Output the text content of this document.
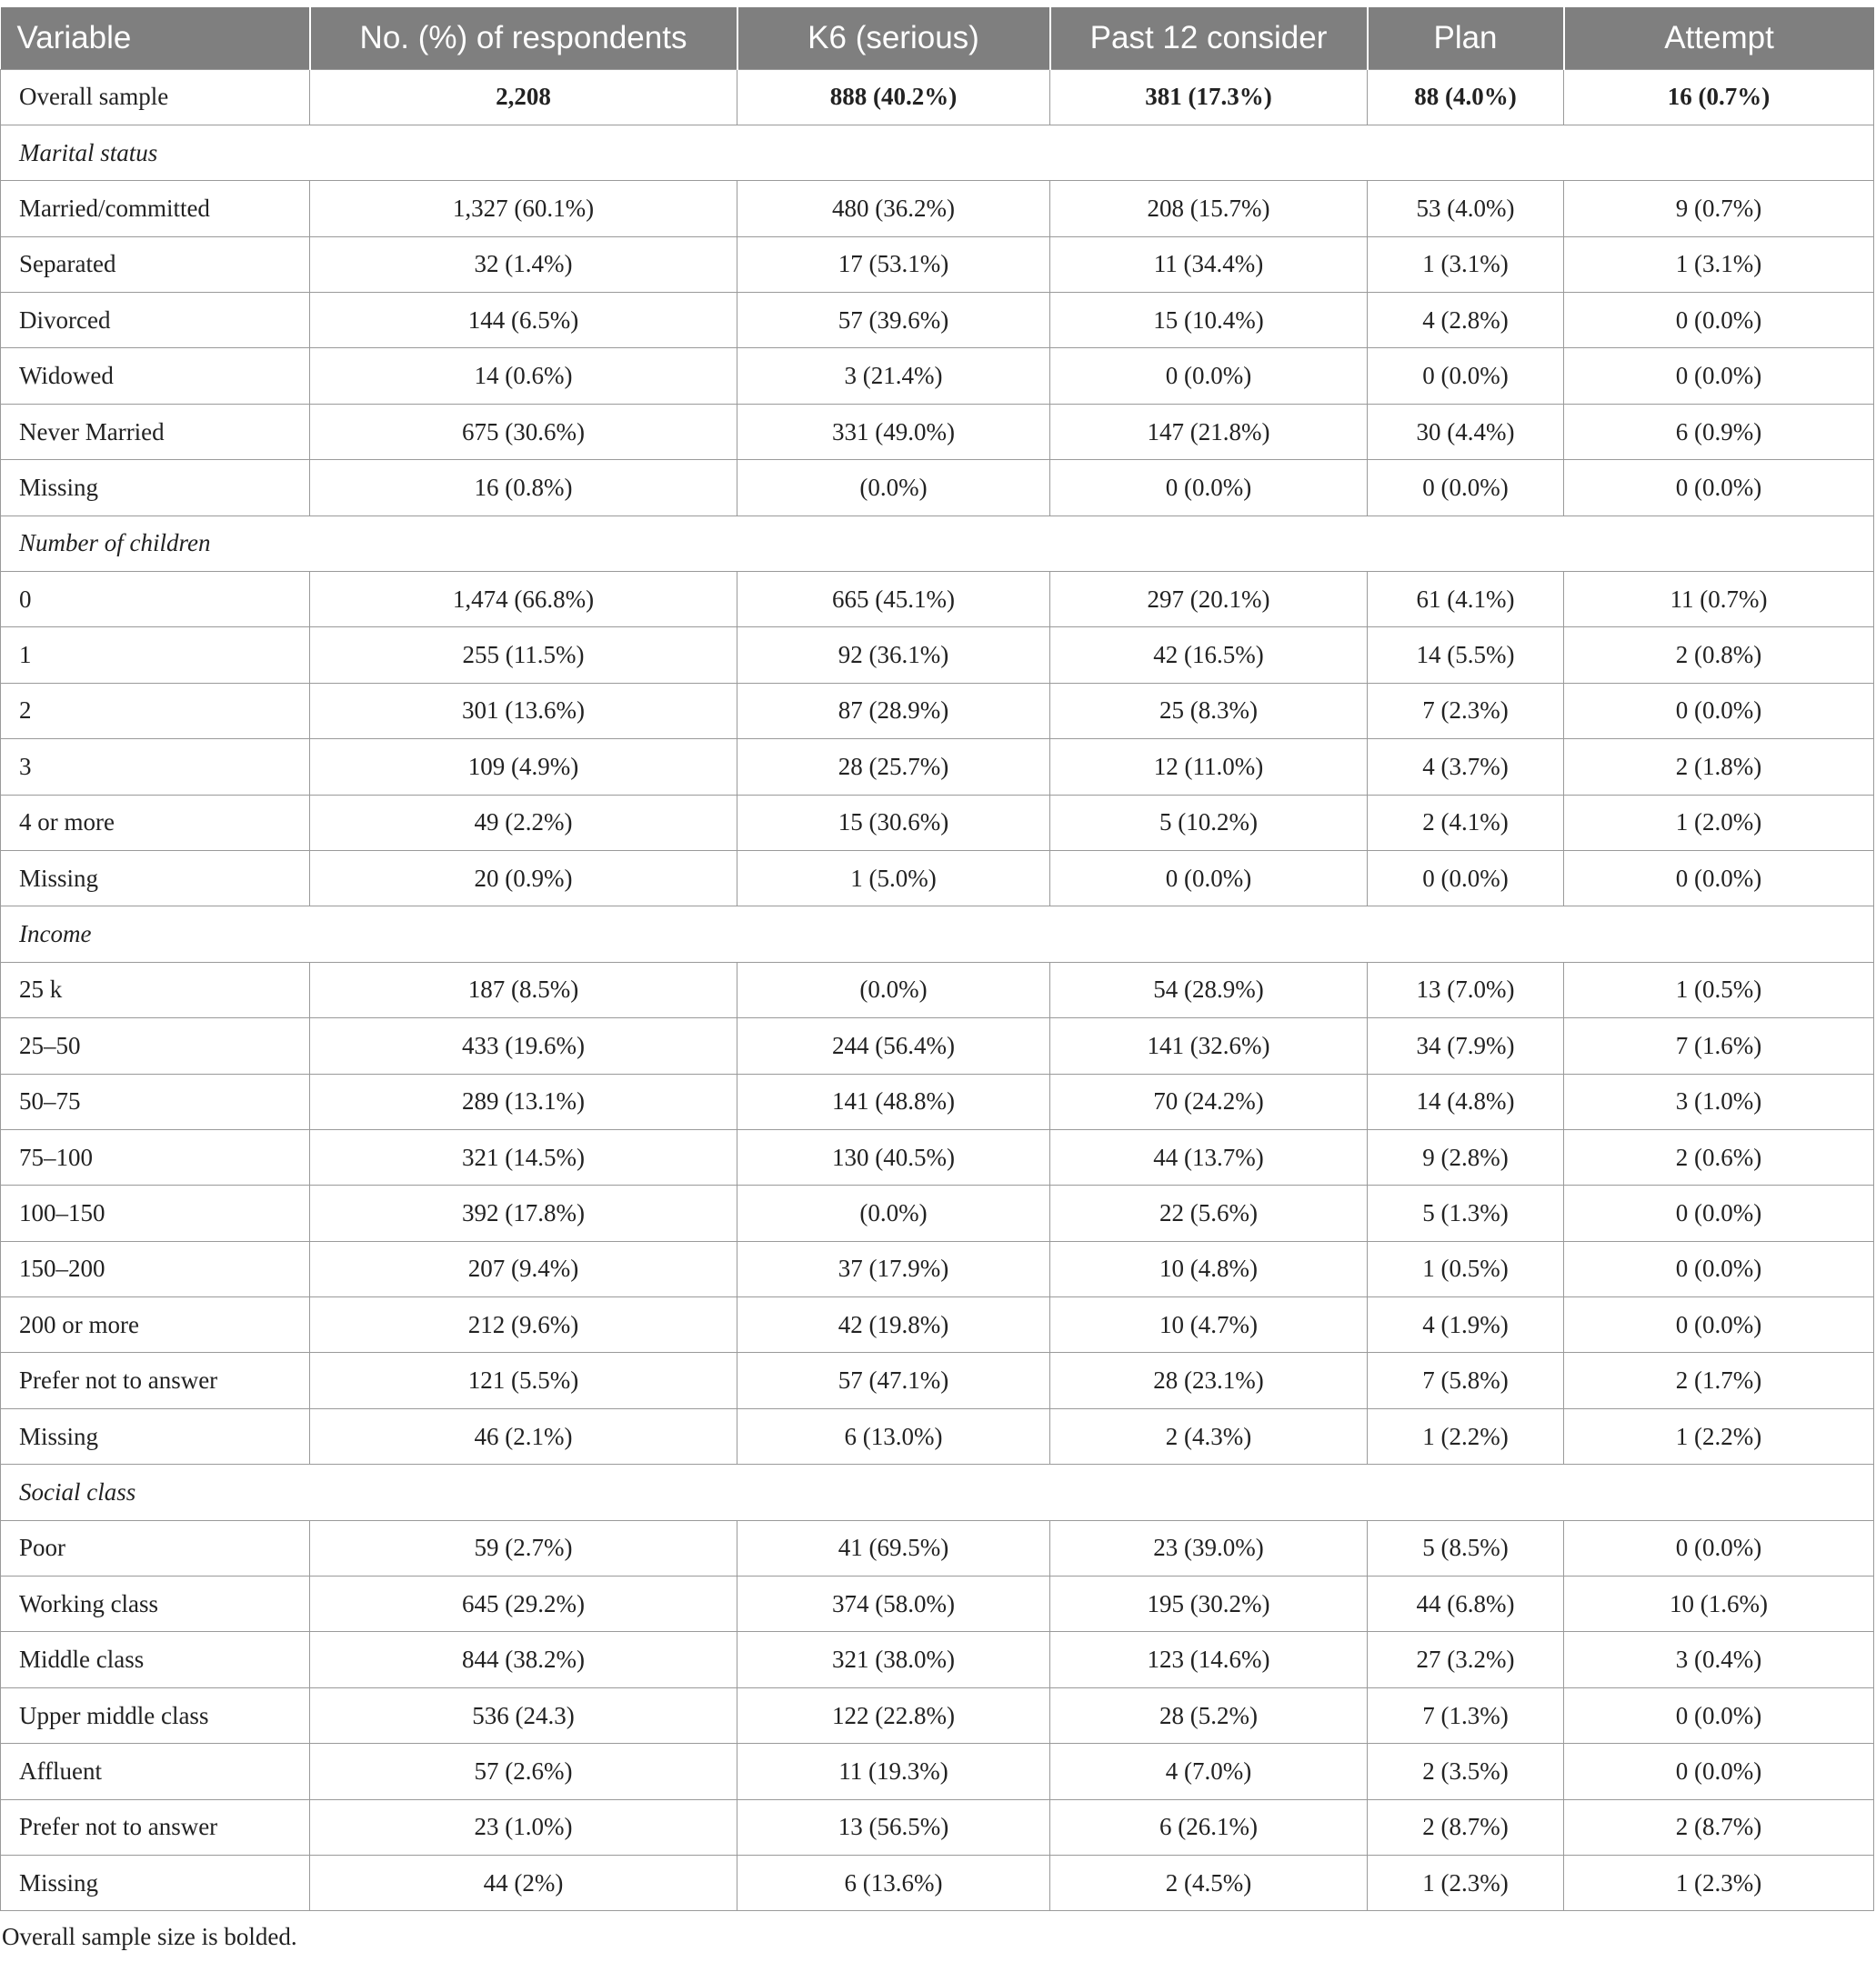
Variable	No. (%) of respondents	K6 (serious)	Past 12 consider	Plan	Attempt
Overall sample	2,208	888 (40.2%)	381 (17.3%)	88 (4.0%)	16 (0.7%)
Marital status					
Married/committed	1,327 (60.1%)	480 (36.2%)	208 (15.7%)	53 (4.0%)	9 (0.7%)
Separated	32 (1.4%)	17 (53.1%)	11 (34.4%)	1 (3.1%)	1 (3.1%)
Divorced	144 (6.5%)	57 (39.6%)	15 (10.4%)	4 (2.8%)	0 (0.0%)
Widowed	14 (0.6%)	3 (21.4%)	0 (0.0%)	0 (0.0%)	0 (0.0%)
Never Married	675 (30.6%)	331 (49.0%)	147 (21.8%)	30 (4.4%)	6 (0.9%)
Missing	16 (0.8%)	(0.0%)	0 (0.0%)	0 (0.0%)	0 (0.0%)
Number of children					
0	1,474 (66.8%)	665 (45.1%)	297 (20.1%)	61 (4.1%)	11 (0.7%)
1	255 (11.5%)	92 (36.1%)	42 (16.5%)	14 (5.5%)	2 (0.8%)
2	301 (13.6%)	87 (28.9%)	25 (8.3%)	7 (2.3%)	0 (0.0%)
3	109 (4.9%)	28 (25.7%)	12 (11.0%)	4 (3.7%)	2 (1.8%)
4 or more	49 (2.2%)	15 (30.6%)	5 (10.2%)	2 (4.1%)	1 (2.0%)
Missing	20 (0.9%)	1 (5.0%)	0 (0.0%)	0 (0.0%)	0 (0.0%)
Income					
25 k	187 (8.5%)	(0.0%)	54 (28.9%)	13 (7.0%)	1 (0.5%)
25–50	433 (19.6%)	244 (56.4%)	141 (32.6%)	34 (7.9%)	7 (1.6%)
50–75	289 (13.1%)	141 (48.8%)	70 (24.2%)	14 (4.8%)	3 (1.0%)
75–100	321 (14.5%)	130 (40.5%)	44 (13.7%)	9 (2.8%)	2 (0.6%)
100–150	392 (17.8%)	(0.0%)	22 (5.6%)	5 (1.3%)	0 (0.0%)
150–200	207 (9.4%)	37 (17.9%)	10 (4.8%)	1 (0.5%)	0 (0.0%)
200 or more	212 (9.6%)	42 (19.8%)	10 (4.7%)	4 (1.9%)	0 (0.0%)
Prefer not to answer	121 (5.5%)	57 (47.1%)	28 (23.1%)	7 (5.8%)	2 (1.7%)
Missing	46 (2.1%)	6 (13.0%)	2 (4.3%)	1 (2.2%)	1 (2.2%)
Social class					
Poor	59 (2.7%)	41 (69.5%)	23 (39.0%)	5 (8.5%)	0 (0.0%)
Working class	645 (29.2%)	374 (58.0%)	195 (30.2%)	44 (6.8%)	10 (1.6%)
Middle class	844 (38.2%)	321 (38.0%)	123 (14.6%)	27 (3.2%)	3 (0.4%)
Upper middle class	536 (24.3)	122 (22.8%)	28 (5.2%)	7 (1.3%)	0 (0.0%)
Affluent	57 (2.6%)	11 (19.3%)	4 (7.0%)	2 (3.5%)	0 (0.0%)
Prefer not to answer	23 (1.0%)	13 (56.5%)	6 (26.1%)	2 (8.7%)	2 (8.7%)
Missing	44 (2%)	6 (13.6%)	2 (4.5%)	1 (2.3%)	1 (2.3%)
Overall sample size is bolded.
